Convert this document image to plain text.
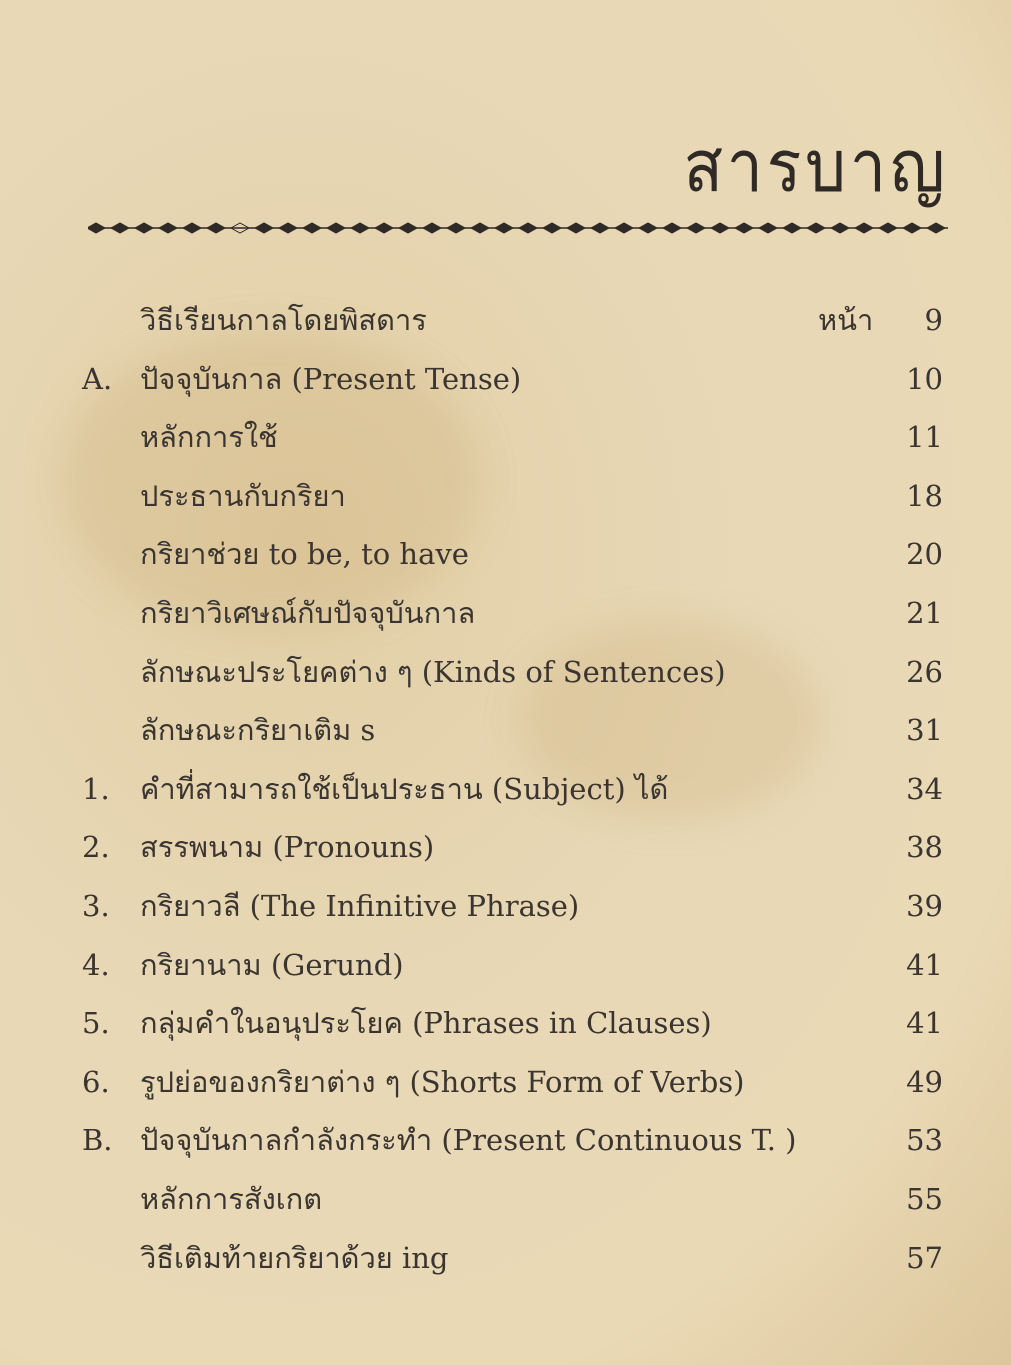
สารบาญ
วิธีเรียนกาลโดยพิสดาร	หน้า 9
A. ปัจจุบันกาล (Present Tense)	10
หลักการใช้	11
ประธานกับกริยา	18
กริยาช่วย to be, to have	20
กริยาวิเศษณ์กับปัจจุบันกาล	21
ลักษณะประโยคต่าง ๆ (Kinds of Sentences)	26
ลักษณะกริยาเติม s	31
1.	คำที่สามารถใช้เป็นประธาน (Subject) ได้	34
2.	สรรพนาม (Pronouns)	38
3.	กริยาวลี (The Infinitive Phrase)	39
4.	กริยานาม (Gerund)	41
5.	กลุ่มคำในอนุประโยค (Phrases in Clauses)	41
6.	รูปย่อของกริยาต่าง ๆ (Shorts Form of Verbs)	49
B. ปัจจุบันกาลกำลังกระทำ (Present Continuous T. )	53
หลักการสังเกต	55
วิธีเติมท้ายกริยาด้วย ing	57
